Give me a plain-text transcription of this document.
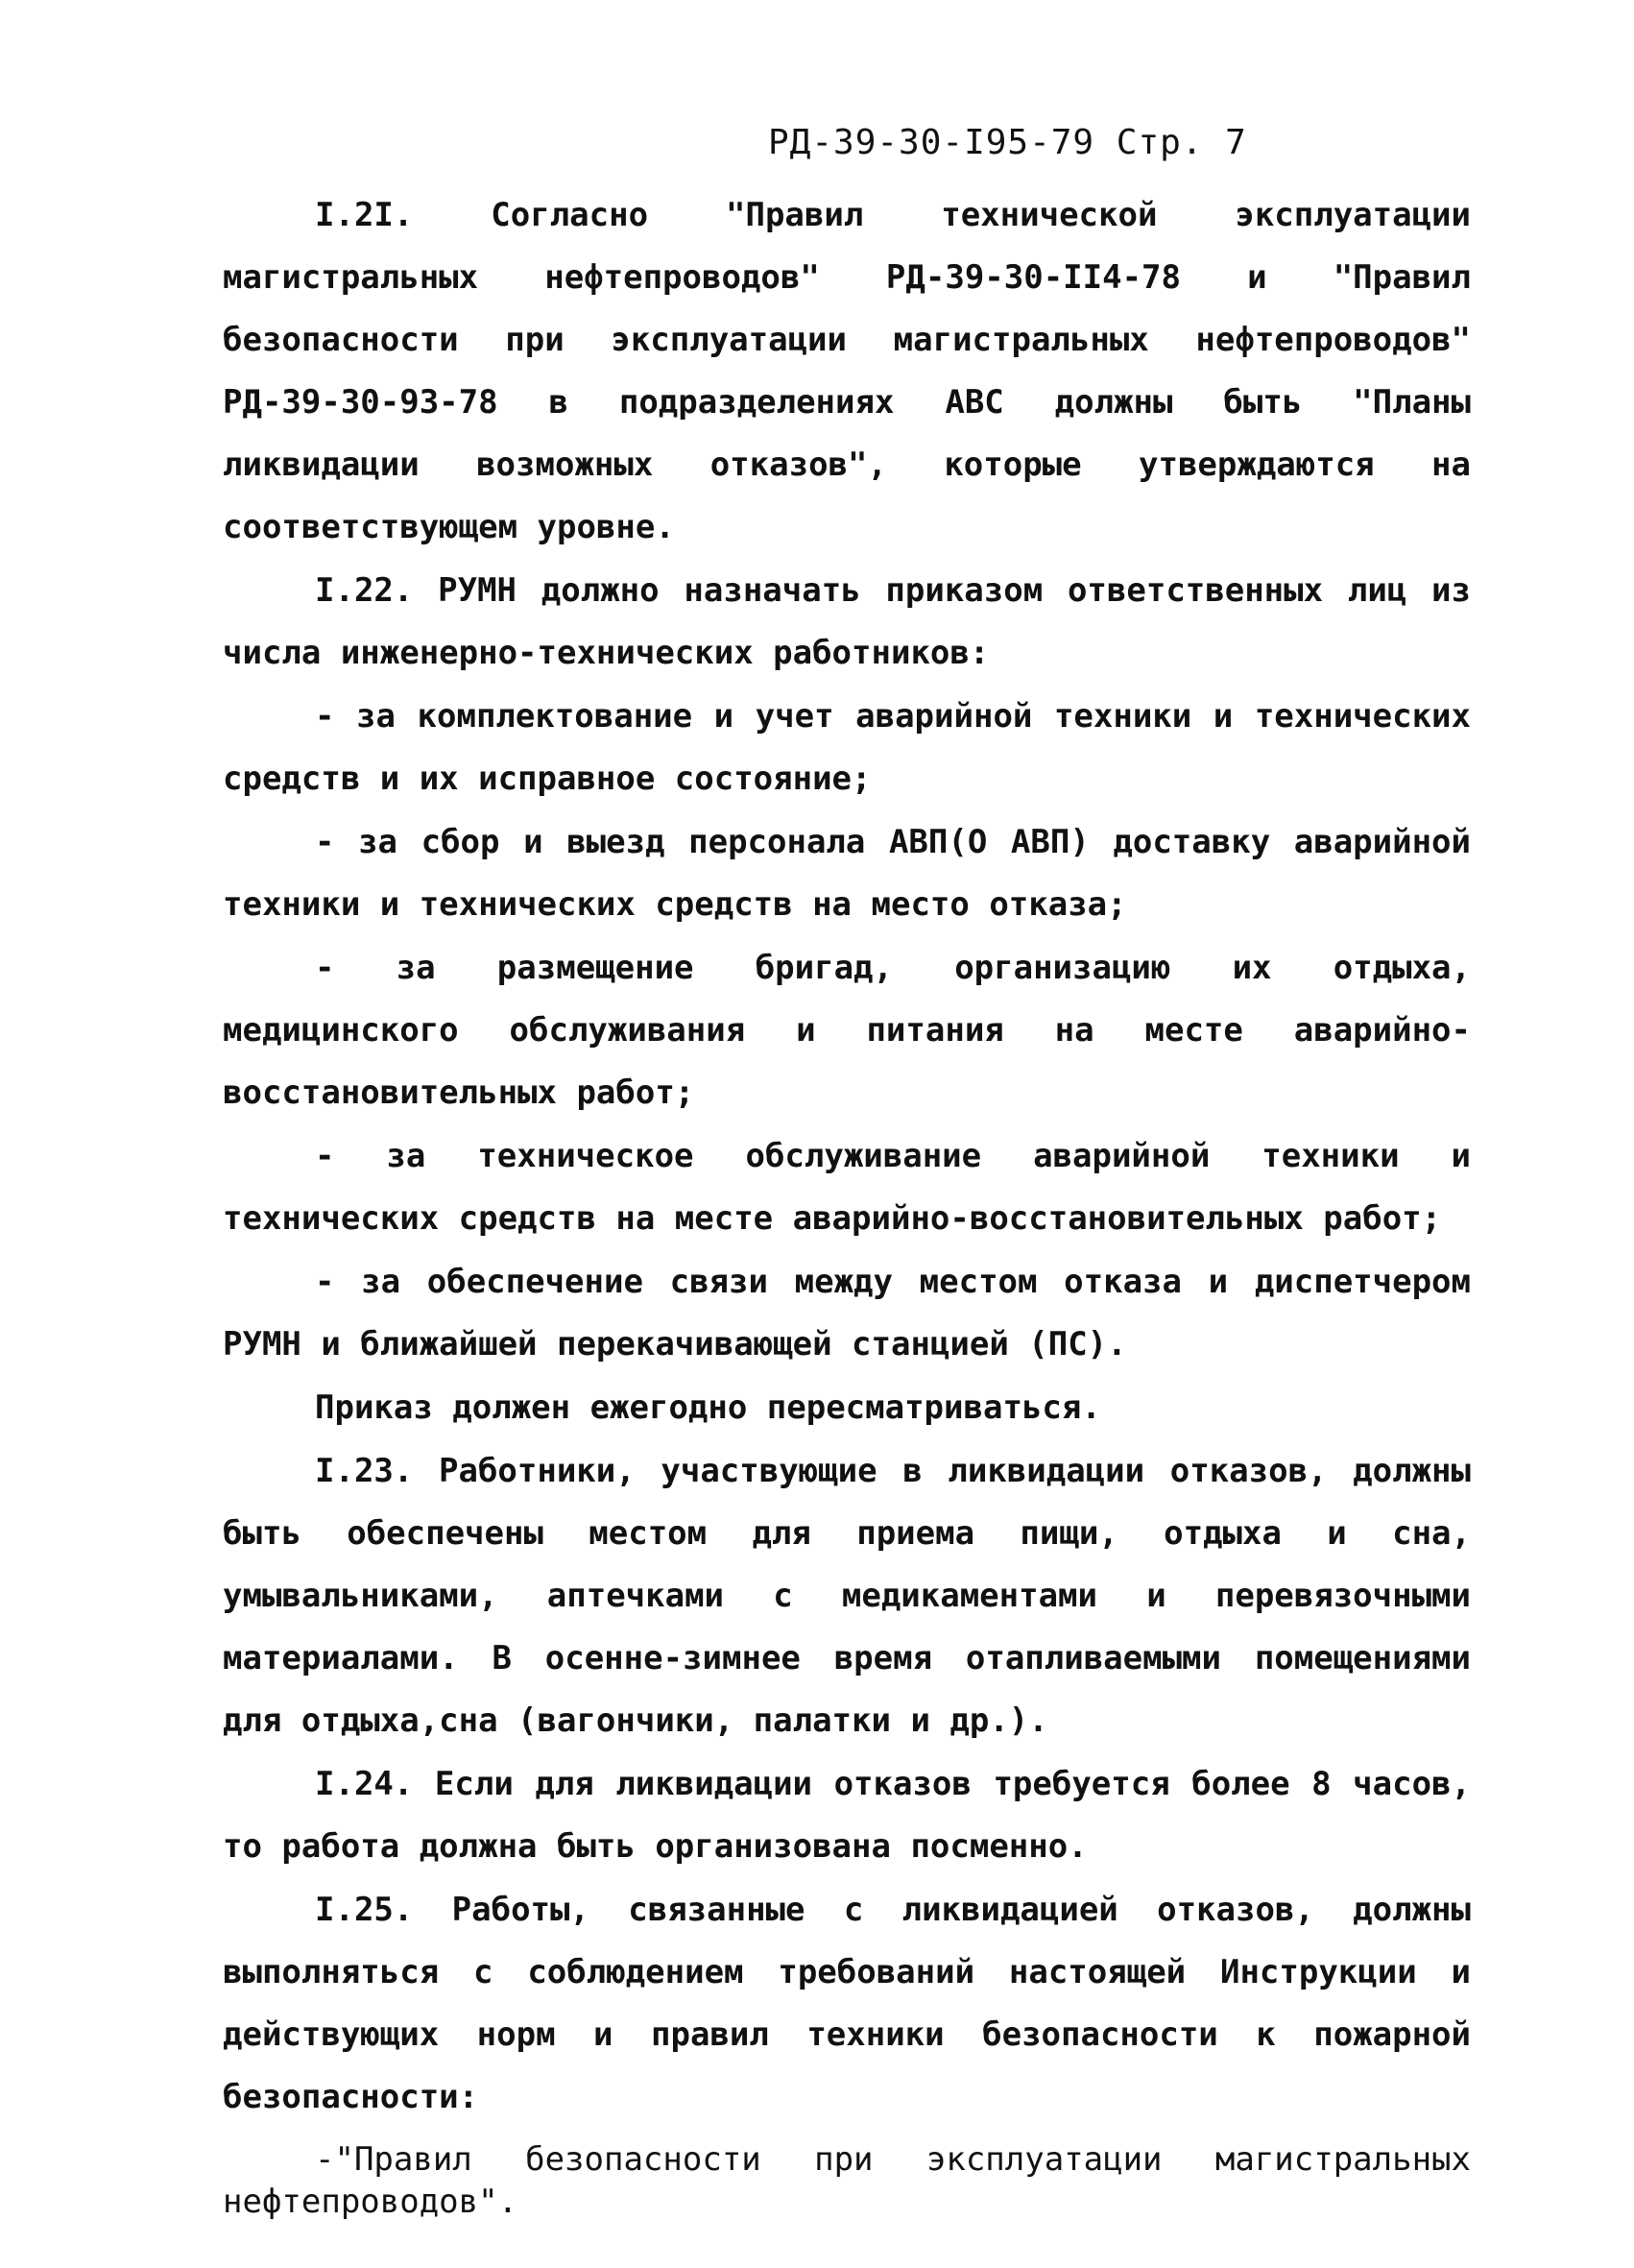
РД-39-30-I95-79 Стр. 7

I.2I. Согласно "Правил технической эксплуатации магистральных нефтепроводов" РД-39-30-II4-78 и "Правил безопасности при эксплуатации магистральных нефтепроводов" РД-39-30-93-78 в подразделениях АВС должны быть "Планы ликвидации возможных отказов", которые утверждаются на соответствующем уровне.

I.22. РУМН должно назначать приказом ответственных лиц из числа инженерно-технических работников:

- за комплектование и учет аварийной техники и технических средств и их исправное состояние;

- за сбор и выезд персонала АВП(О АВП) доставку аварийной техники и технических средств на место отказа;

- за размещение бригад, организацию их отдыха, медицинского обслуживания и питания на месте аварийно-восстановительных работ;

- за техническое обслуживание аварийной техники и технических средств на месте аварийно-восстановительных работ;

- за обеспечение связи между местом отказа и диспетчером РУМН и ближайшей перекачивающей станцией (ПС).

Приказ должен ежегодно пересматриваться.

I.23. Работники, участвующие в ликвидации отказов, должны быть обеспечены местом для приема пищи, отдыха и сна, умывальниками, аптечками с медикаментами и перевязочными материалами. В осенне-зимнее время отапливаемыми помещениями для отдыха,сна (вагончики, палатки и др.).

I.24. Если для ликвидации отказов требуется более 8 часов, то работа должна быть организована посменно.

I.25. Работы, связанные с ликвидацией отказов, должны выполняться с соблюдением требований настоящей Инструкции и действующих норм и правил техники безопасности к пожарной безопасности:

-"Правил безопасности при эксплуатации магистральных нефтепроводов".
